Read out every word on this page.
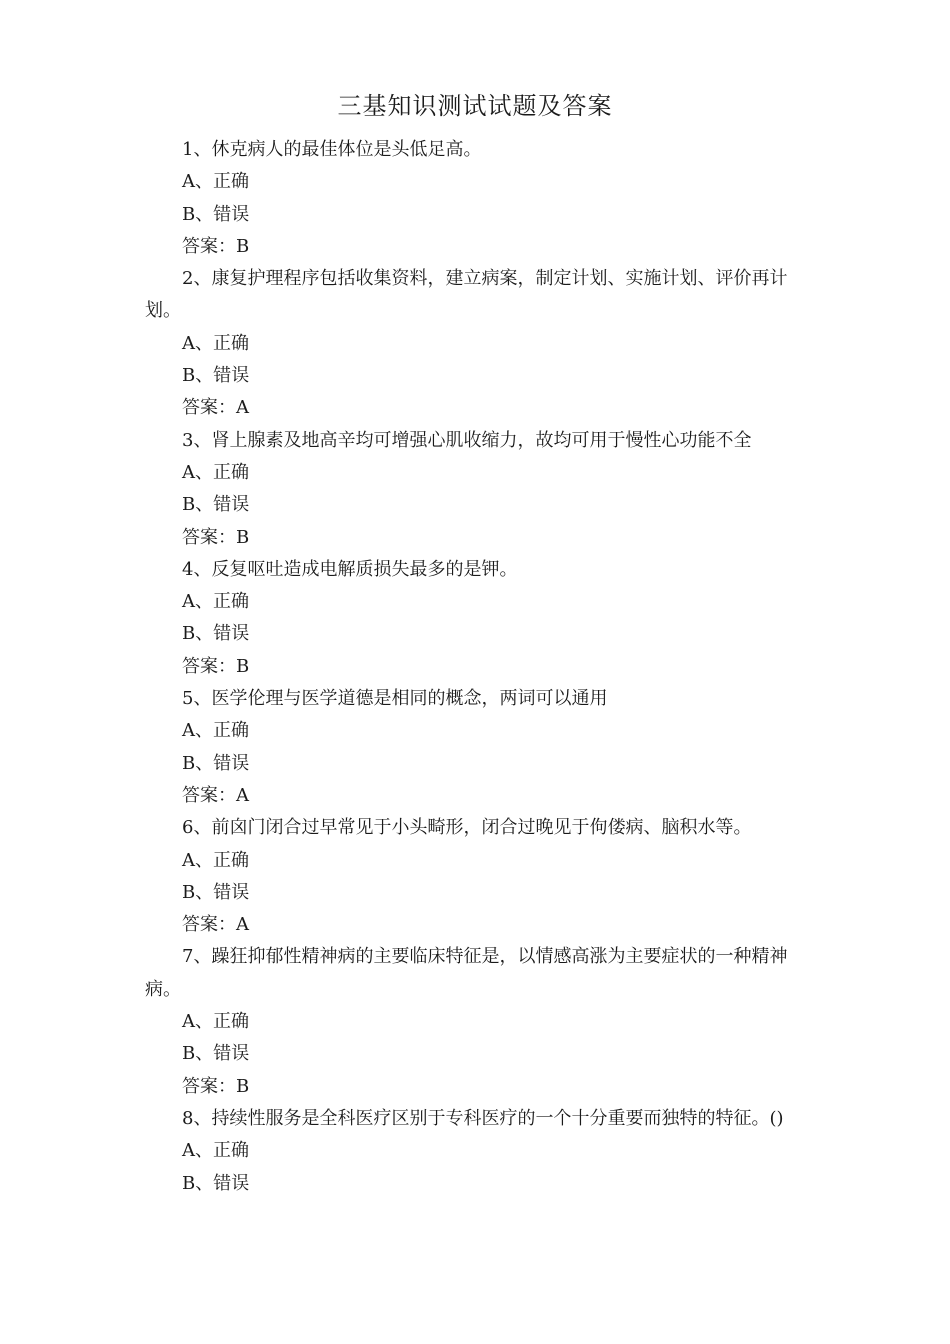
三基知识测试试题及答案

1、休克病人的最佳体位是头低足高。

A、正确

B、错误

答案：B

2、康复护理程序包括收集资料，建立病案，制定计划、实施计划、评价再计划。

A、正确

B、错误

答案：A

3、肾上腺素及地高辛均可增强心肌收缩力，故均可用于慢性心功能不全

A、正确

B、错误

答案：B

4、反复呕吐造成电解质损失最多的是钾。

A、正确

B、错误

答案：B

5、医学伦理与医学道德是相同的概念，两词可以通用

A、正确

B、错误

答案：A

6、前囟门闭合过早常见于小头畸形，闭合过晚见于佝偻病、脑积水等。

A、正确

B、错误

答案：A

7、躁狂抑郁性精神病的主要临床特征是，以情感高涨为主要症状的一种精神病。

A、正确

B、错误

答案：B

8、持续性服务是全科医疗区别于专科医疗的一个十分重要而独特的特征。()

A、正确

B、错误
